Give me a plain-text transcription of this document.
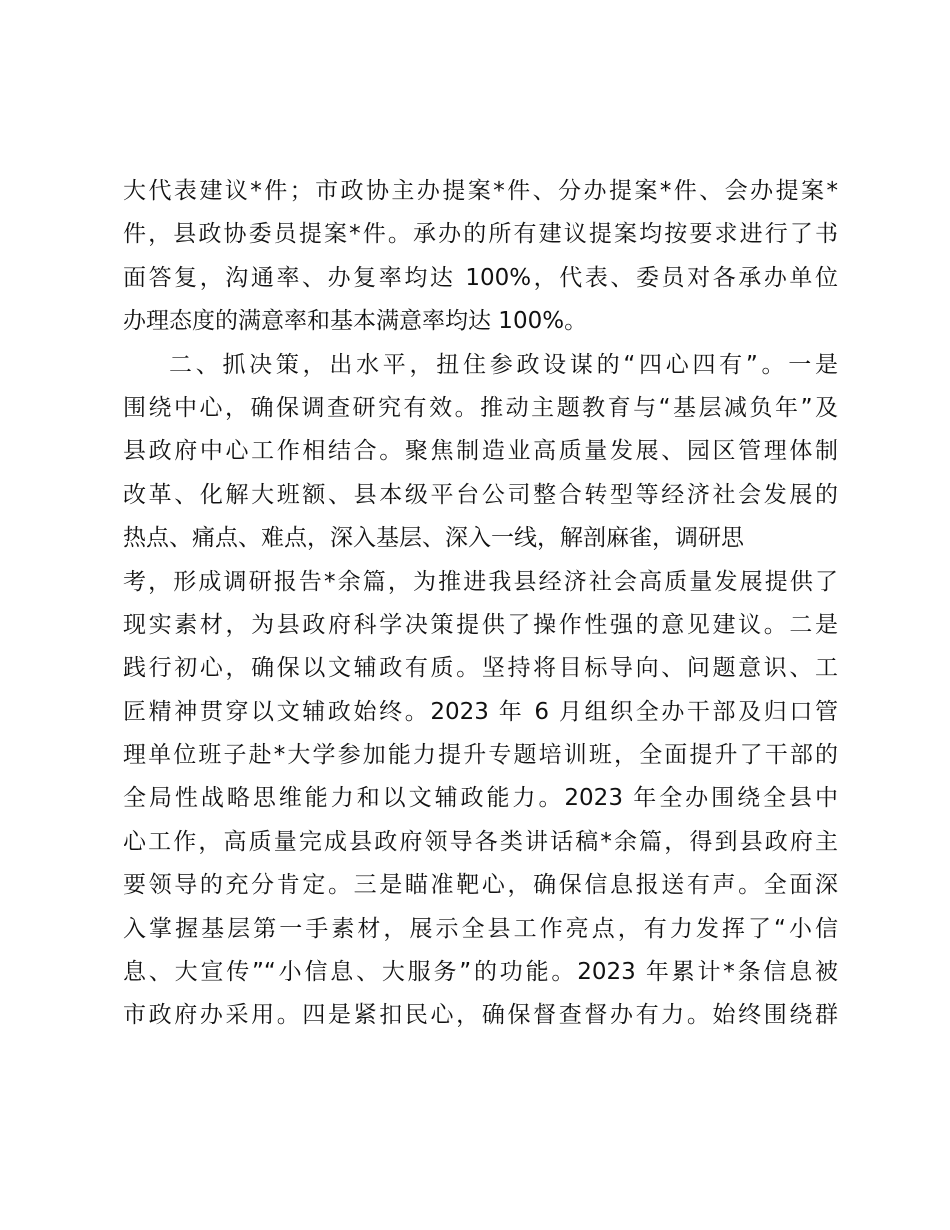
大代表建议*件；市政协主办提案*件、分办提案*件、会办提案*
件，县政协委员提案*件。承办的所有建议提案均按要求进行了书
面答复，沟通率、办复率均达 100%，代表、委员对各承办单位
办理态度的满意率和基本满意率均达 100%。
二、抓决策，出水平，扭住参政设谋的“四心四有”。一是
围绕中心，确保调查研究有效。推动主题教育与“基层减负年”及
县政府中心工作相结合。聚焦制造业高质量发展、园区管理体制
改革、化解大班额、县本级平台公司整合转型等经济社会发展的
热点、痛点、难点，深入基层、深入一线，解剖麻雀，调研思
考，形成调研报告*余篇，为推进我县经济社会高质量发展提供了
现实素材，为县政府科学决策提供了操作性强的意见建议。二是
践行初心，确保以文辅政有质。坚持将目标导向、问题意识、工
匠精神贯穿以文辅政始终。2023 年 6 月组织全办干部及归口管
理单位班子赴*大学参加能力提升专题培训班，全面提升了干部的
全局性战略思维能力和以文辅政能力。2023 年全办围绕全县中
心工作，高质量完成县政府领导各类讲话稿*余篇，得到县政府主
要领导的充分肯定。三是瞄准靶心，确保信息报送有声。全面深
入掌握基层第一手素材，展示全县工作亮点，有力发挥了“小信
息、大宣传”“小信息、大服务”的功能。2023 年累计*条信息被
市政府办采用。四是紧扣民心，确保督查督办有力。始终围绕群
